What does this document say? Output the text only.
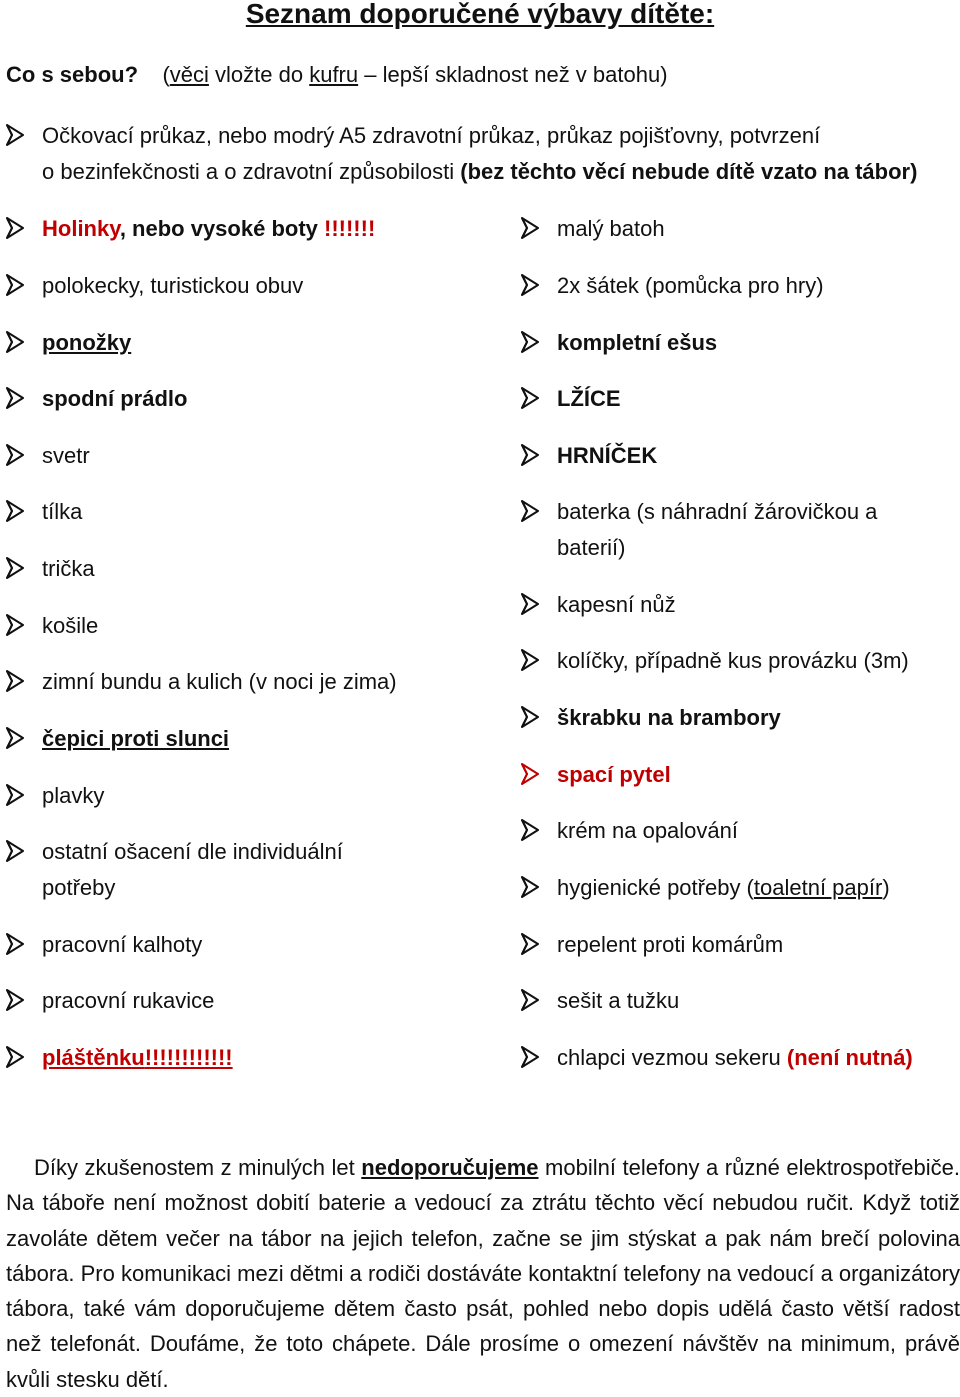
Seznam doporučené výbavy dítěte:
Co s sebou? (věci vložte do kufru – lepší skladnost než v batohu)
Očkovací průkaz, nebo modrý A5 zdravotní průkaz, průkaz pojišťovny, potvrzení
o bezinfekčnosti a o zdravotní způsobilosti (bez těchto věcí nebude dítě vzato na tábor)
Holinky, nebo vysoké boty !!!!!!!
polokecky, turistickou obuv
ponožky
spodní prádlo
svetr
tílka
trička
košile
zimní bundu a kulich (v noci je zima)
čepici proti slunci
plavky
ostatní ošacení dle individuální
potřeby
pracovní kalhoty
pracovní rukavice
pláštěnku!!!!!!!!!!!!
malý batoh
2x šátek (pomůcka pro hry)
kompletní ešus
LŽÍCE
HRNÍČEK
baterka (s náhradní žárovičkou a
baterií)
kapesní nůž
kolíčky, případně kus provázku (3m)
škrabku na brambory
spací pytel
krém na opalování
hygienické potřeby (toaletní papír)
repelent proti komárům
sešit a tužku
chlapci vezmou sekeru (není nutná)
Díky zkušenostem z minulých let nedoporučujeme mobilní telefony a různé elektrospotřebiče. Na táboře není možnost dobití baterie a vedoucí za ztrátu těchto věcí nebudou ručit. Když totiž zavoláte dětem večer na tábor na jejich telefon, začne se jim stýskat a pak nám brečí polovina tábora. Pro komunikaci mezi dětmi a rodiči dostáváte kontaktní telefony na vedoucí a organizátory tábora, také vám doporučujeme dětem často psát, pohled nebo dopis udělá často větší radost než telefonát. Doufáme, že toto chápete. Dále prosíme o omezení návštěv na minimum, právě kvůli stesku dětí.
